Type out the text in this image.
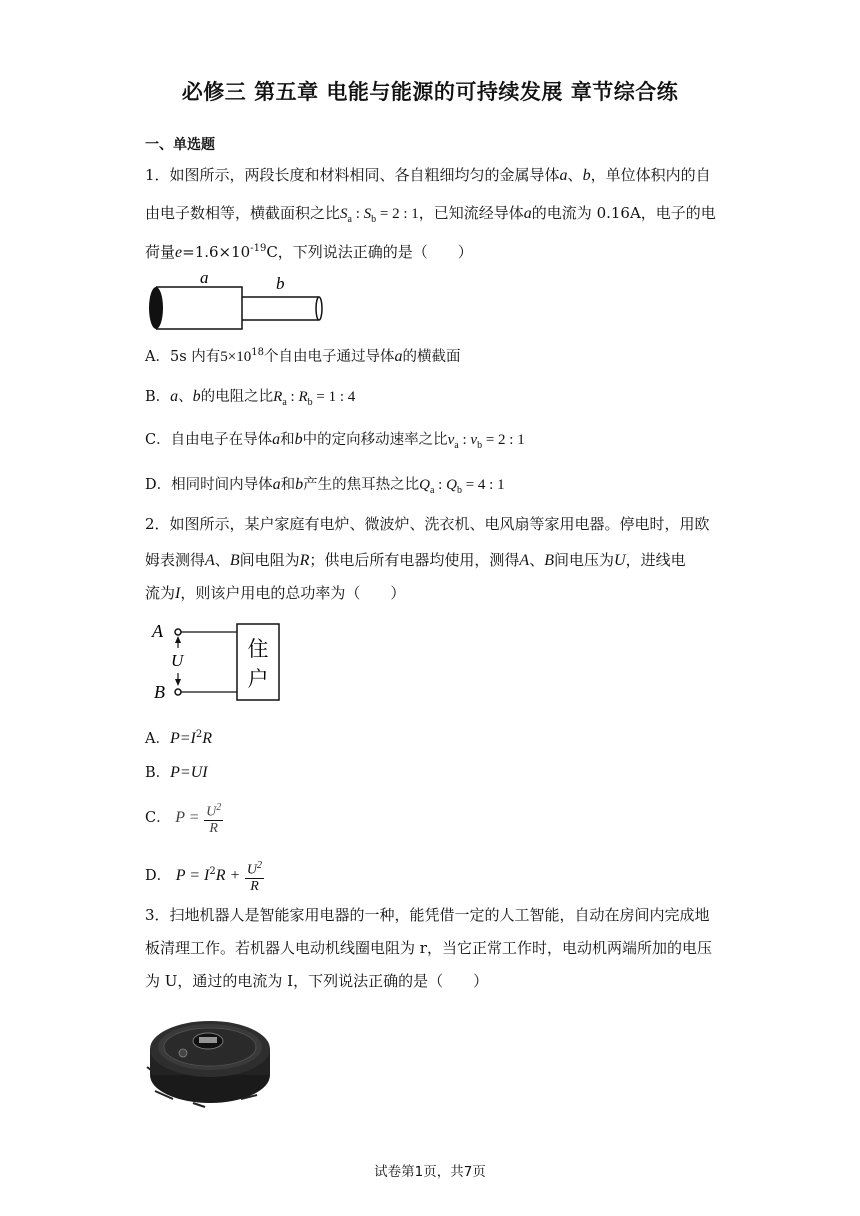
必修三 第五章 电能与能源的可持续发展 章节综合练
一、单选题
1．如图所示，两段长度和材料相同、各自粗细均匀的金属导体a、b，单位体积内的自
由电子数相等，横截面积之比$S_a$ : $S_b = 2$ : 1，已知流经导体a的电流为 0.16A，电子的电
荷量$e=1.6\times 10^{-19}C$，下列说法正确的是（　　）
a	b
A．5s 内有$5\times 10^{18}$个自由电子通过导体a的横截面
B．a、b的电阻之比$R_a$ : $R_b = 1$ : 4
C．自由电子在导体a和b中的定向移动速率之比$v_a$ : $v_b = 2$ : 1
D．相同时间内导体a和b产生的焦耳热之比$Q_a$ : $Q_b = 4$ : 1
2．如图所示，某户家庭有电炉、微波炉、洗衣机、电风扇等家用电器。停电时，用欧
姆表测得A、B间电阻为R；供电后所有电器均使用，测得A、B间电压为U，进线电
流为I，则该户用电的总功率为（　　）
A
B
U	住
户
A．$P=I^2R$
B．P=UI
C． $P = \frac{U^2}{R}$
D． $P = I^2R + \frac{U^2}{R}$
3．扫地机器人是智能家用电器的一种，能凭借一定的人工智能，自动在房间内完成地
板清理工作。若机器人电动机线圈电阻为 r，当它正常工作时，电动机两端所加的电压
为 U，通过的电流为 I，下列说法正确的是（　　）
试卷第1页，共7页
